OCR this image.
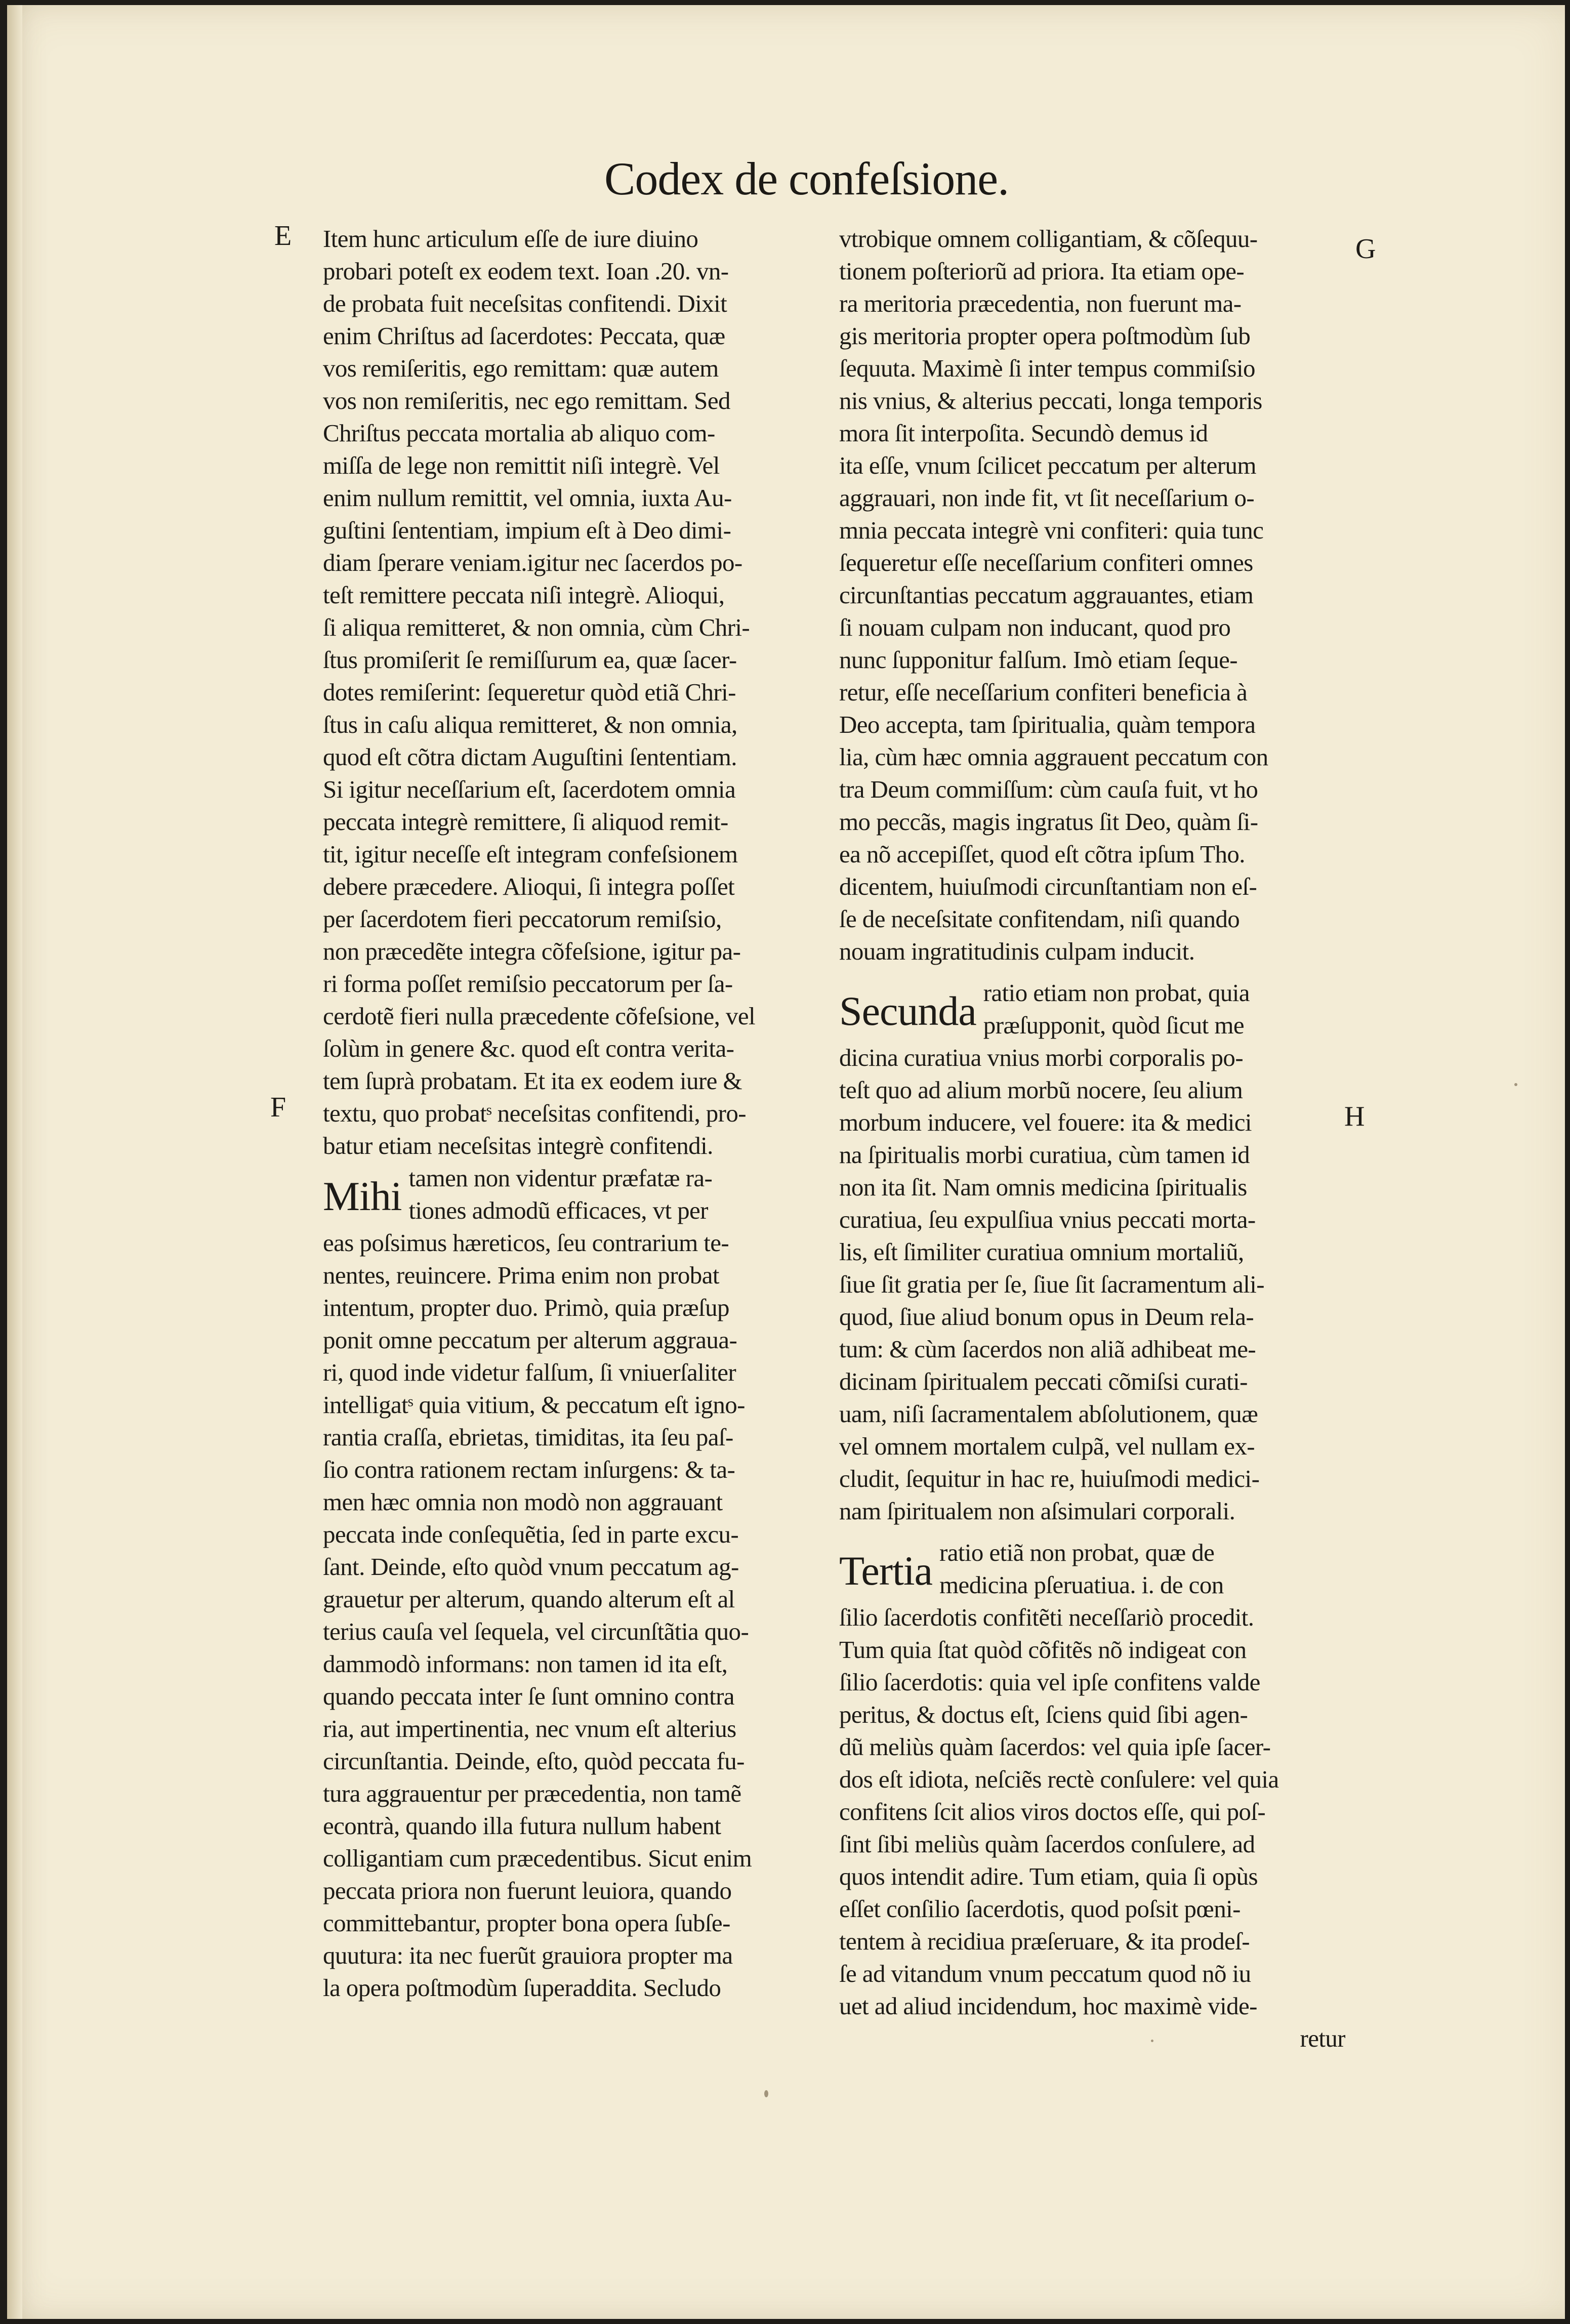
Codex de confeſsione.
E
F
G
H
Item hunc articulum eſſe de iure diuino
probari poteſt ex eodem text. Ioan .20. vn-
de probata fuit neceſsitas confitendi. Dixit
enim Chriſtus ad ſacerdotes: Peccata, quæ
vos remiſeritis, ego remittam: quæ autem
vos non remiſeritis, nec ego remittam. Sed
Chriſtus peccata mortalia ab aliquo com-
miſſa de lege non remittit niſi integrè. Vel
enim nullum remittit, vel omnia, iuxta Au-
guſtini ſententiam, impium eſt à Deo dimi-
diam ſperare veniam.igitur nec ſacerdos po-
teſt remittere peccata niſi integrè. Alioqui,
ſi aliqua remitteret, & non omnia, cùm Chri-
ſtus promiſerit ſe remiſſurum ea, quæ ſacer-
dotes remiſerint: ſequeretur quòd etiã Chri-
ſtus in caſu aliqua remitteret, & non omnia,
quod eſt cõtra dictam Auguſtini ſententiam.
Si igitur neceſſarium eſt, ſacerdotem omnia
peccata integrè remittere, ſi aliquod remit-
tit, igitur neceſſe eſt integram confeſsionem
debere præcedere. Alioqui, ſi integra poſſet
per ſacerdotem fieri peccatorum remiſsio,
non præcedẽte integra cõfeſsione, igitur pa-
ri forma poſſet remiſsio peccatorum per ſa-
cerdotẽ fieri nulla præcedente cõfeſsione, vel
ſolùm in genere &c. quod eſt contra verita-
tem ſuprà probatam. Et ita ex eodem iure &
textu, quo probatˢ neceſsitas confitendi, pro-
batur etiam neceſsitas integrè confitendi.
Mihi tamen non videntur præfatæ ra-
tiones admodũ efficaces, vt per
eas poſsimus hæreticos, ſeu contrarium te-
nentes, reuincere. Prima enim non probat
intentum, propter duo. Primò, quia præſup
ponit omne peccatum per alterum aggraua-
ri, quod inde videtur falſum, ſi vniuerſaliter
intelligatˢ quia vitium, & peccatum eſt igno-
rantia craſſa, ebrietas, timiditas, ita ſeu paſ-
ſio contra rationem rectam inſurgens: & ta-
men hæc omnia non modò non aggrauant
peccata inde conſequẽtia, ſed in parte excu-
ſant. Deinde, eſto quòd vnum peccatum ag-
grauetur per alterum, quando alterum eſt al
terius cauſa vel ſequela, vel circunſtãtia quo-
dammodò informans: non tamen id ita eſt,
quando peccata inter ſe ſunt omnino contra
ria, aut impertinentia, nec vnum eſt alterius
circunſtantia. Deinde, eſto, quòd peccata fu-
tura aggrauentur per præcedentia, non tamẽ
econtrà, quando illa futura nullum habent
colligantiam cum præcedentibus. Sicut enim
peccata priora non fuerunt leuiora, quando
committebantur, propter bona opera ſubſe-
quutura: ita nec fuerũt grauiora propter ma
la opera poſtmodùm ſuperaddita. Secludo
vtrobique omnem colligantiam, & cõſequu-
tionem poſteriorũ ad priora. Ita etiam ope-
ra meritoria præcedentia, non fuerunt ma-
gis meritoria propter opera poſtmodùm ſub
ſequuta. Maximè ſi inter tempus commiſsio
nis vnius, & alterius peccati, longa temporis
mora ſit interpoſita. Secundò demus id
ita eſſe, vnum ſcilicet peccatum per alterum
aggrauari, non inde fit, vt ſit neceſſarium o-
mnia peccata integrè vni confiteri: quia tunc
ſequeretur eſſe neceſſarium confiteri omnes
circunſtantias peccatum aggrauantes, etiam
ſi nouam culpam non inducant, quod pro
nunc ſupponitur falſum. Imò etiam ſeque-
retur, eſſe neceſſarium confiteri beneficia à
Deo accepta, tam ſpiritualia, quàm tempora
lia, cùm hæc omnia aggrauent peccatum con
tra Deum commiſſum: cùm cauſa fuit, vt ho
mo peccãs, magis ingratus ſit Deo, quàm ſi-
ea nõ accepiſſet, quod eſt cõtra ipſum Tho.
dicentem, huiuſmodi circunſtantiam non eſ-
ſe de neceſsitate confitendam, niſi quando
nouam ingratitudinis culpam inducit.
Secunda ratio etiam non probat, quia
præſupponit, quòd ſicut me
dicina curatiua vnius morbi corporalis po-
teſt quo ad alium morbũ nocere, ſeu alium
morbum inducere, vel fouere: ita & medici
na ſpiritualis morbi curatiua, cùm tamen id
non ita ſit. Nam omnis medicina ſpiritualis
curatiua, ſeu expulſiua vnius peccati morta-
lis, eſt ſimiliter curatiua omnium mortaliũ,
ſiue ſit gratia per ſe, ſiue ſit ſacramentum ali-
quod, ſiue aliud bonum opus in Deum rela-
tum: & cùm ſacerdos non aliã adhibeat me-
dicinam ſpiritualem peccati cõmiſsi curati-
uam, niſi ſacramentalem abſolutionem, quæ
vel omnem mortalem culpã, vel nullam ex-
cludit, ſequitur in hac re, huiuſmodi medici-
nam ſpiritualem non aſsimulari corporali.
Tertia ratio etiã non probat, quæ de
medicina pſeruatiua. i. de con
ſilio ſacerdotis confitẽti neceſſariò procedit.
Tum quia ſtat quòd cõfitẽs nõ indigeat con
ſilio ſacerdotis: quia vel ipſe confitens valde
peritus, & doctus eſt, ſciens quid ſibi agen-
dũ meliùs quàm ſacerdos: vel quia ipſe ſacer-
dos eſt idiota, neſciẽs rectè conſulere: vel quia
confitens ſcit alios viros doctos eſſe, qui poſ-
ſint ſibi meliùs quàm ſacerdos conſulere, ad
quos intendit adire. Tum etiam, quia ſi opùs
eſſet conſilio ſacerdotis, quod poſsit pœni-
tentem à recidiua præſeruare, & ita prodeſ-
ſe ad vitandum vnum peccatum quod nõ iu
uet ad aliud incidendum, hoc maximè vide-
retur
